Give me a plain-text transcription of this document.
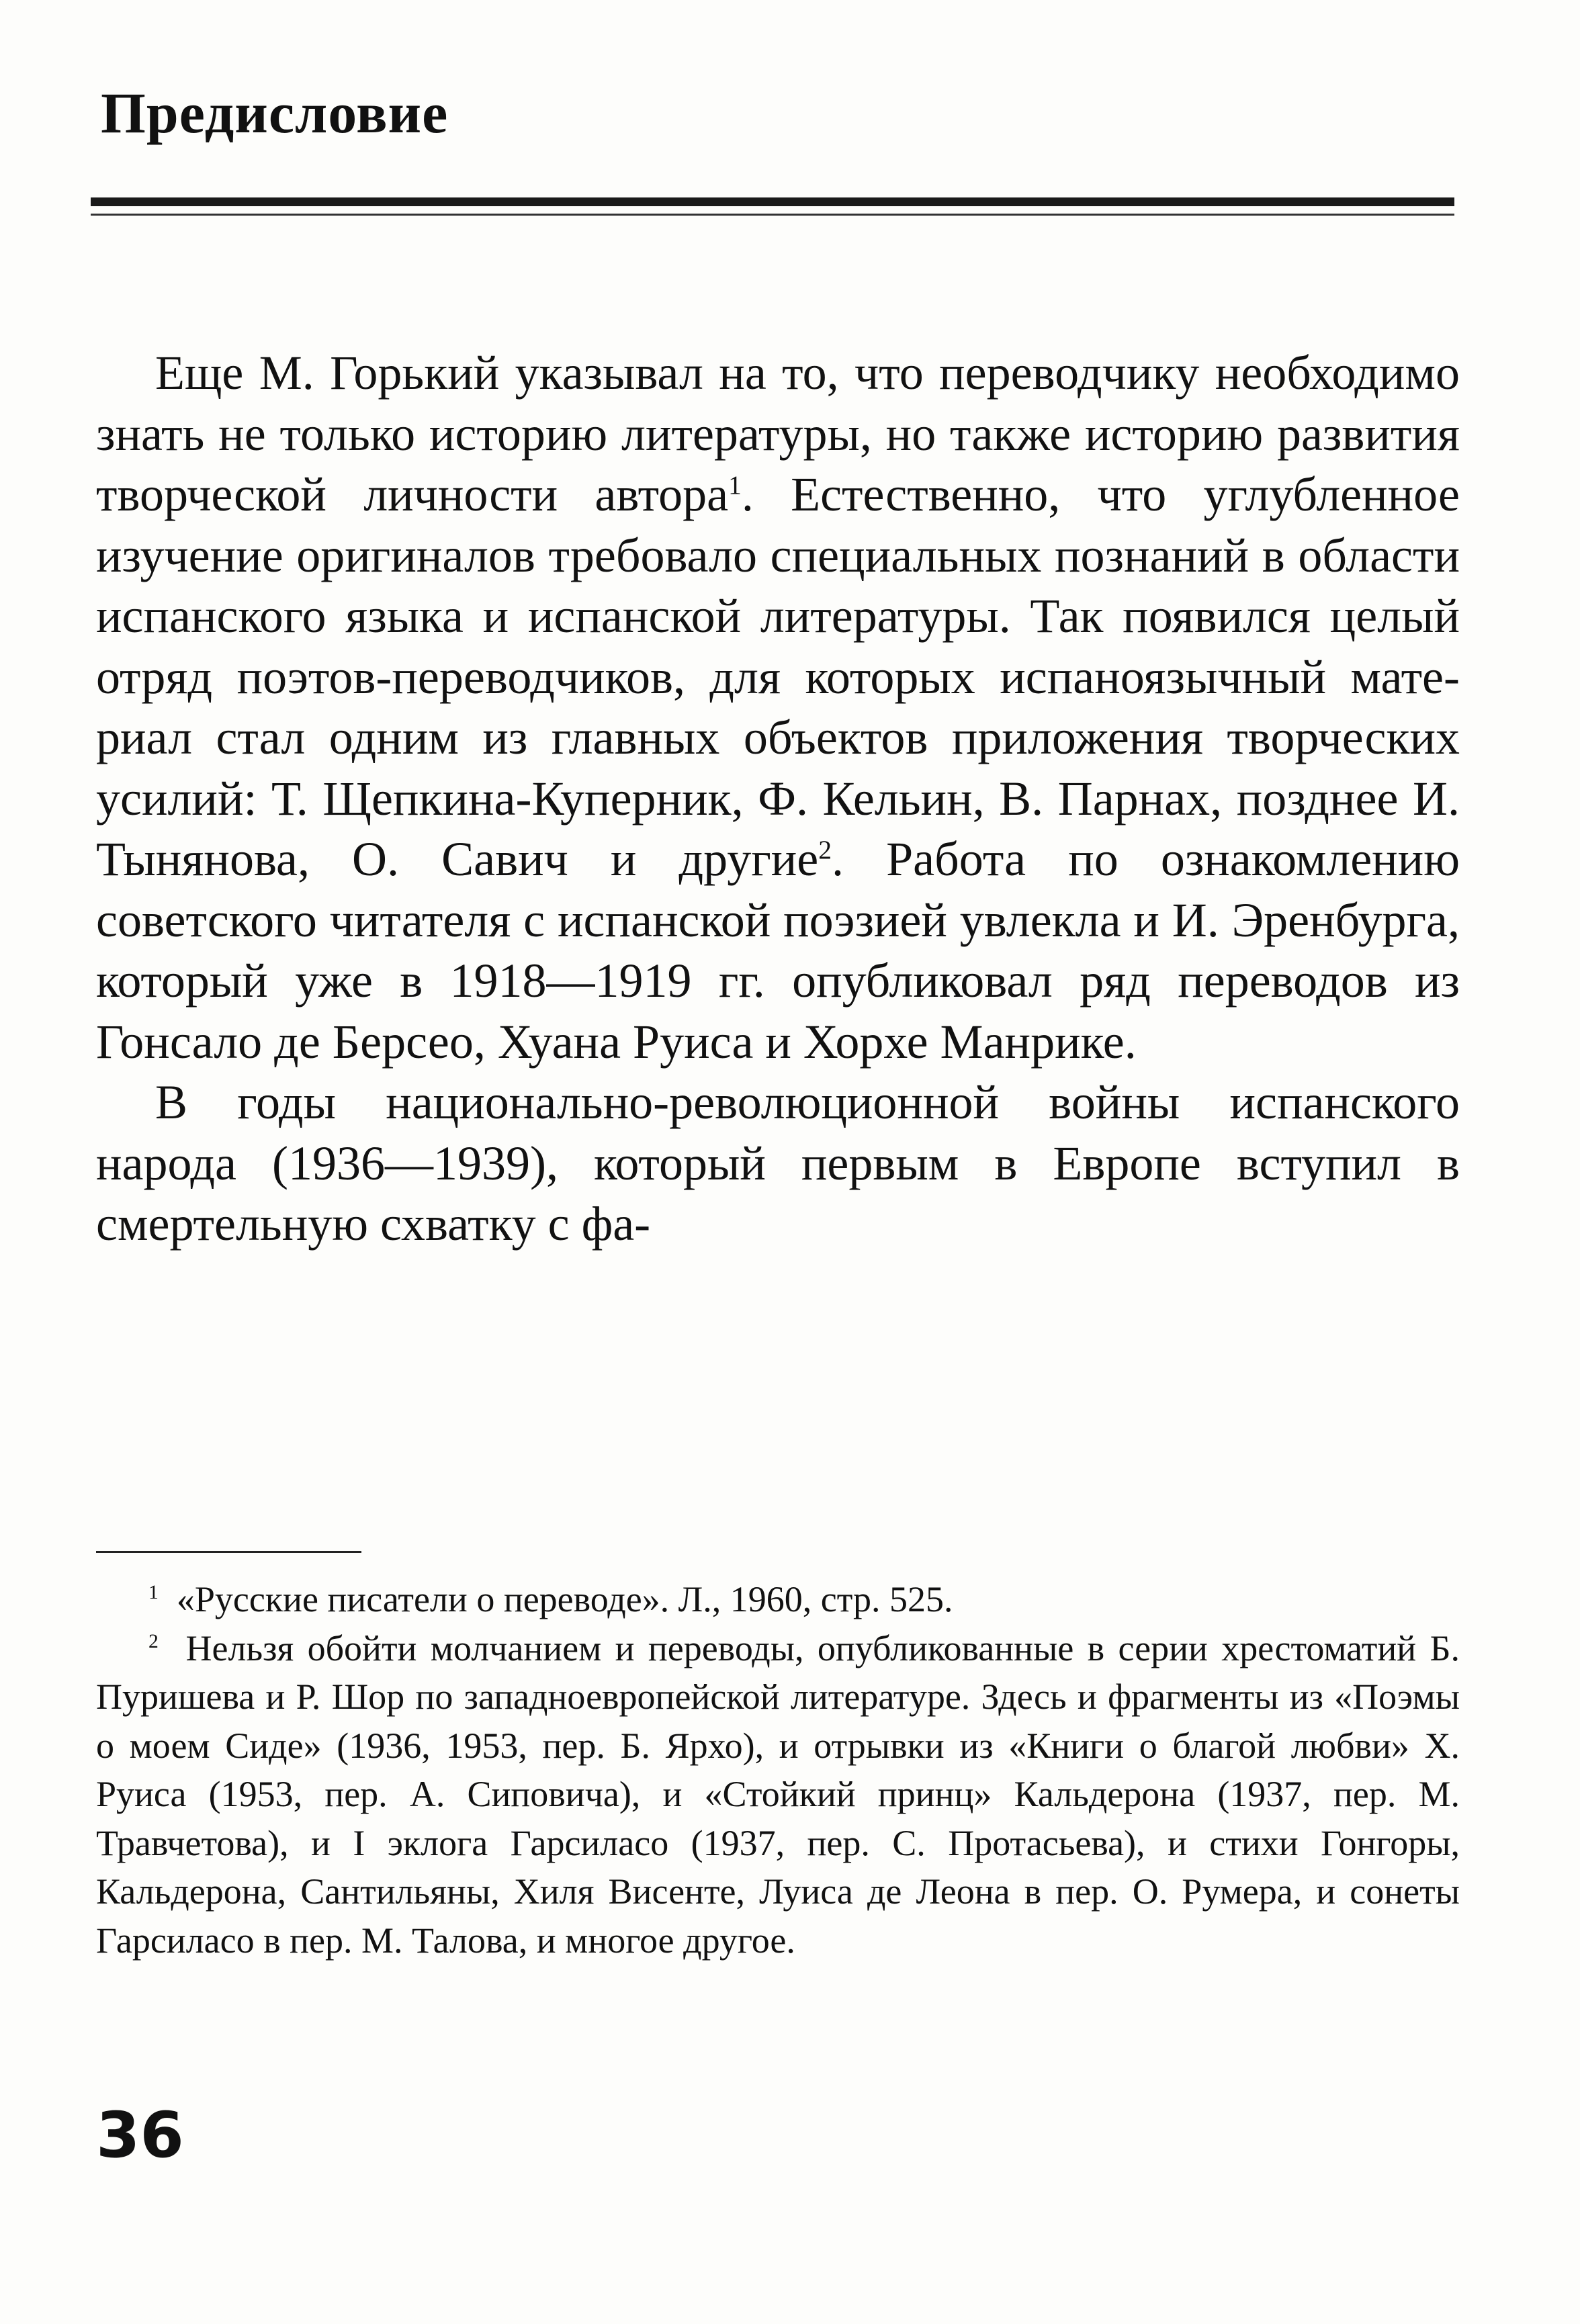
Предисловие

Еще М. Горький указывал на то, что переводчику необходимо знать не только историю литературы, но также историю развития творческой личности автора$^1$. Естественно, что углубленное изучение оригиналов требовало специальных познаний в области испанского языка и испанской литературы. Так появился целый отряд поэтов-переводчиков, для которых испаноязычный материал стал одним из главных объектов приложения творческих усилий: Т. Щепкина-Куперник, Ф. Кельин, В. Парнах, позднее И. Тынянова, О. Савич и другие$^2$. Работа по ознакомлению советского читателя с испанской поэзией увлекла и И. Эренбурга, который уже в 1918—1919 гг. опубликовал ряд переводов из Гонсало де Берсео, Хуана Руиса и Хорхе Манрике.

В годы национально-революционной войны испанского народа (1936—1939), который первым в Европе вступил в смертельную схватку с фа-

$^1$ «Русские писатели о переводе». Л., 1960, стр. 525.

$^2$ Нельзя обойти молчанием и переводы, опубликованные в серии хрестоматий Б. Пуришева и Р. Шор по западноевропейской литературе. Здесь и фрагменты из «Поэмы о моем Сиде» (1936, 1953, пер. Б. Ярхо), и отрывки из «Книги о благой любви» Х. Руиса (1953, пер. А. Сиповича), и «Стойкий принц» Кальдерона (1937, пер. М. Травчетова), и I эклога Гарсиласо (1937, пер. С. Протасьева), и стихи Гонгоры, Кальдерона, Сантильяны, Хиля Висенте, Луиса де Леона в пер. О. Румера, и сонеты Гарсиласо в пер. М. Талова, и многое другое.

36
